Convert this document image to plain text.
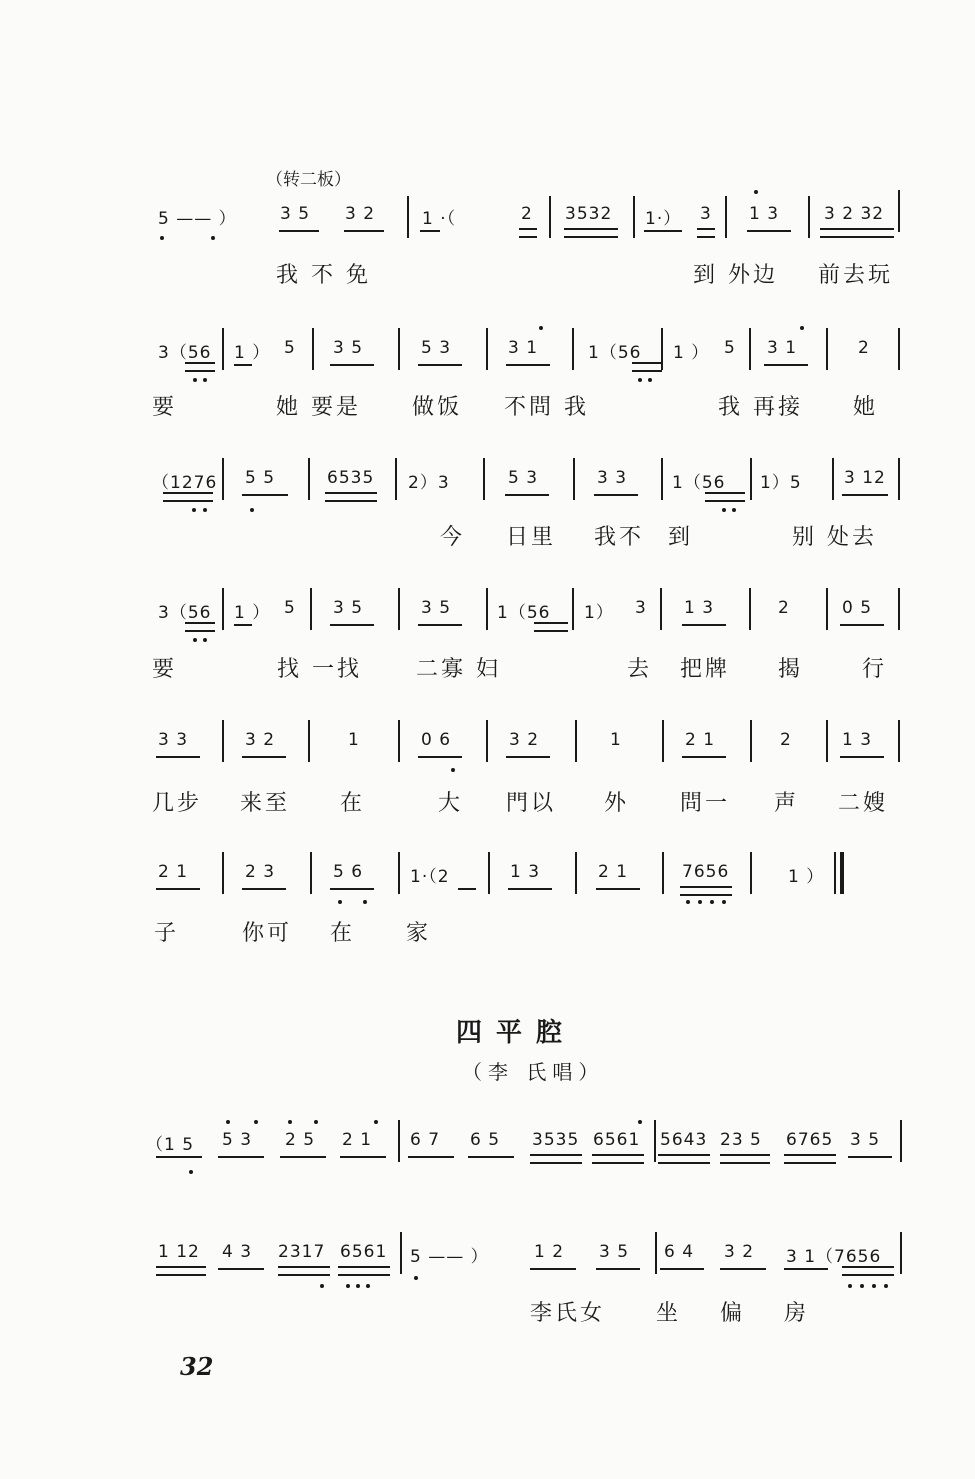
（转二板）
5 —— ）	3 5 3 2	1 ·（	2 3532 1·） 3 1 3	3 2 32
我 不 免	到 外边 前去玩
3（56 1 ） 5 3 5	5 3	3 1	1（56 1 ） 5 3 1	2
要	她 要是 做饭 不問 我	我 再接 她
（1276 5 5	6535 2）3	5 3	3 3	1（56 1）5 3 12
今 日里 我不 到	别 处去
3（56 1 ） 5 3 5	3 5	1（56 1） 3 1 3	2	0 5
要	找 一找 二寡 妇	去 把牌 揭	行
3 3	3 2	1	0 6	3 2	1	2 1	2	1 3
几步 来至 在	大 門以 外 問一 声 二嫂
2 1	2 3	5 6	1·（2	1 3	2 1	7656	1 ）
子	你可 在 家
四平腔
（李 氏唱）
（1 5 5 3 2 5 2 1 6 7 6 5 3535 6561 5643 23 5 6765 3 5
1 12 4 3 2317 6561 5 —— ）	1 2 3 5 6 4 3 2 3 1（7656
李氏女 坐 偏 房
32
